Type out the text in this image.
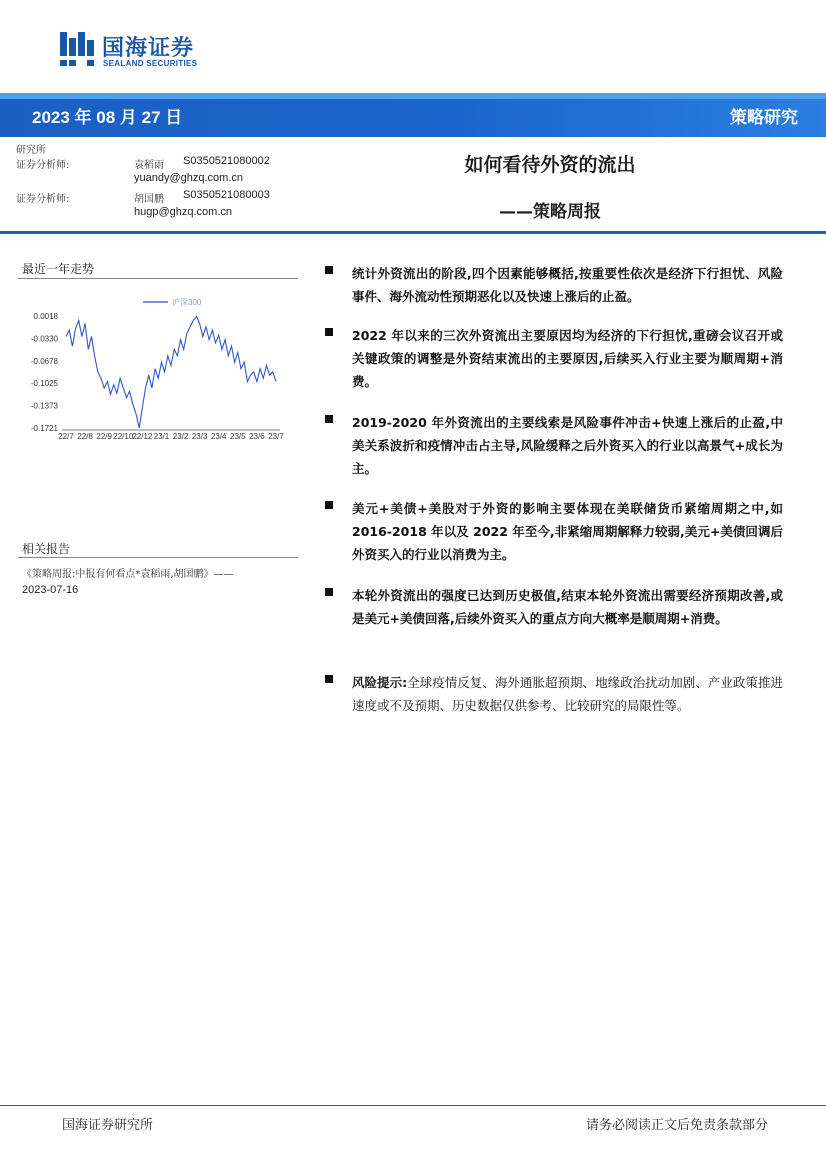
国海证券
SEALAND SECURITIES
2023 年 08 月 27 日	策略研究
研究所
证券分析师:	袁稻雨 S0350521080002
yuandy@ghzq.com.cn
证券分析师:	胡国鹏 S0350521080003
hugp@ghzq.com.cn
如何看待外资的流出
——策略周报
最近一年走势
沪深300
0.0018
-0.0330
-0.0678
-0.1025
-0.1373
-0.1721
22/7 22/8 22/9 22/10 22/12 23/1 23/2 23/3 23/4 23/5 23/6 23/7
相关报告
《策略周报:中报有何看点*袁稻雨,胡国鹏》——
2023-07-16
统计外资流出的阶段,四个因素能够概括,按重要性依次是经济下行担忧、风险事件、海外流动性预期恶化以及快速上涨后的止盈。
2022 年以来的三次外资流出主要原因均为经济的下行担忧,重磅会议召开或关键政策的调整是外资结束流出的主要原因,后续买入行业主要为顺周期+消费。
2019-2020 年外资流出的主要线索是风险事件冲击+快速上涨后的止盈,中美关系波折和疫情冲击占主导,风险缓释之后外资买入的行业以高景气+成长为主。
美元+美债+美股对于外资的影响主要体现在美联储货币紧缩周期之中,如 2016-2018 年以及 2022 年至今,非紧缩周期解释力较弱,美元+美债回调后外资买入的行业以消费为主。
本轮外资流出的强度已达到历史极值,结束本轮外资流出需要经济预期改善,或是美元+美债回落,后续外资买入的重点方向大概率是顺周期+消费。
风险提示:全球疫情反复、海外通胀超预期、地缘政治扰动加剧、产业政策推进速度或不及预期、历史数据仅供参考、比较研究的局限性等。
国海证券研究所	请务必阅读正文后免责条款部分
